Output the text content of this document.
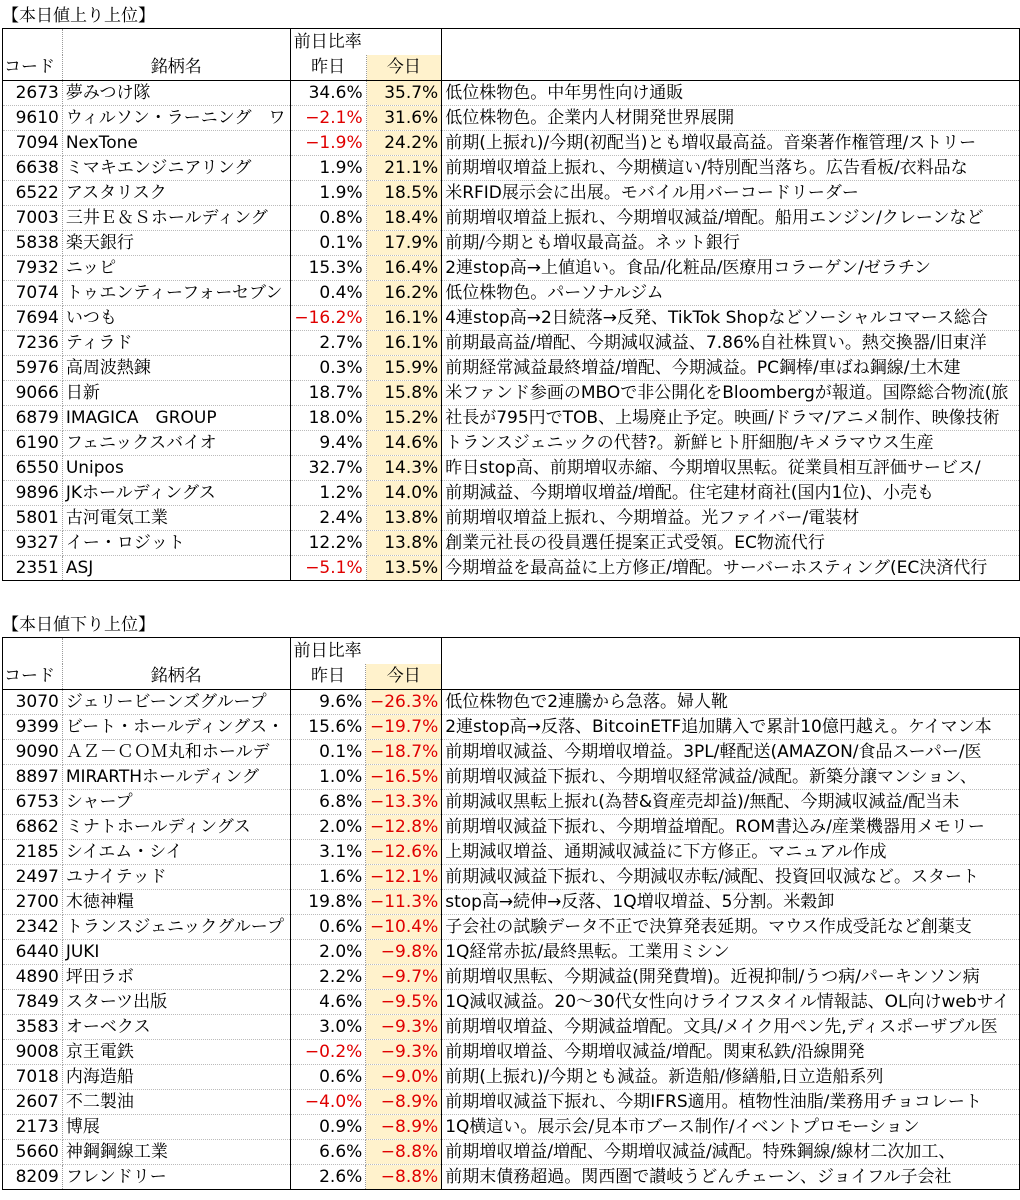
【本日値上り上位】
		前日比率		
コード	銘柄名	昨日	今日	
2673	夢みつけ隊	34.6%	35.7%	低位株物色。中年男性向け通販
9610	ウィルソン・ラーニング　ワ	−2.1%	31.6%	低位株物色。企業内人材開発世界展開
7094	NexTone	−1.9%	24.2%	前期(上振れ)/今期(初配当)とも増収最高益。音楽著作権管理/ストリー
6638	ミマキエンジニアリング	1.9%	21.1%	前期増収増益上振れ、今期横這い/特別配当落ち。広告看板/衣料品な
6522	アスタリスク	1.9%	18.5%	米RFID展示会に出展。モバイル用バーコードリーダー
7003	三井Ｅ＆Ｓホールディング	0.8%	18.4%	前期増収増益上振れ、今期増収減益/増配。船用エンジン/クレーンなど
5838	楽天銀行	0.1%	17.9%	前期/今期とも増収最高益。ネット銀行
7932	ニッピ	15.3%	16.4%	2連stop高→上値追い。食品/化粧品/医療用コラーゲン/ゼラチン
7074	トゥエンティーフォーセブン	0.4%	16.2%	低位株物色。パーソナルジム
7694	いつも	−16.2%	16.1%	4連stop高→2日続落→反発、TikTok Shopなどソーシャルコマース総合
7236	ティラド	2.7%	16.1%	前期最高益/増配、今期減収減益、7.86%自社株買い。熱交換器/旧東洋
5976	高周波熱錬	0.3%	15.9%	前期経常減益最終増益/増配、今期減益。PC鋼棒/車ばね鋼線/土木建
9066	日新	18.7%	15.8%	米ファンド参画のMBOで非公開化をBloombergが報道。国際総合物流(旅
6879	IMAGICA　GROUP	18.0%	15.2%	社長が795円でTOB、上場廃止予定。映画/ドラマ/アニメ制作、映像技術
6190	フェニックスバイオ	9.4%	14.6%	トランスジェニックの代替?。新鮮ヒト肝細胞/キメラマウス生産
6550	Unipos	32.7%	14.3%	昨日stop高、前期増収赤縮、今期増収黒転。従業員相互評価サービス/
9896	JKホールディングス	1.2%	14.0%	前期減益、今期増収増益/増配。住宅建材商社(国内1位)、小売も
5801	古河電気工業	2.4%	13.8%	前期増収増益上振れ、今期増益。光ファイバー/電装材
9327	イー・ロジット	12.2%	13.8%	創業元社長の役員選任提案正式受領。EC物流代行
2351	ASJ	−5.1%	13.5%	今期増益を最高益に上方修正/増配。サーバーホスティング(EC決済代行
【本日値下り上位】
		前日比率		
コード	銘柄名	昨日	今日	
3070	ジェリービーンズグループ	9.6%	−26.3%	低位株物色で2連騰から急落。婦人靴
9399	ビート・ホールディングス・	15.6%	−19.7%	2連stop高→反落、BitcoinETF追加購入で累計10億円越え。ケイマン本
9090	ＡＺ－ＣＯＭ丸和ホールデ	0.1%	−18.7%	前期増収減益、今期増収増益。3PL/軽配送(AMAZON/食品スーパー/医
8897	MIRARTHホールディング	1.0%	−16.5%	前期増収減益下振れ、今期増収経常減益/減配。新築分譲マンション、
6753	シャープ	6.8%	−13.3%	前期減収黒転上振れ(為替&資産売却益)/無配、今期減収減益/配当未
6862	ミナトホールディングス	2.0%	−12.8%	前期増収減益下振れ、今期増益増配。ROM書込み/産業機器用メモリー
2185	シイエム・シイ	3.1%	−12.6%	上期減収増益、通期減収減益に下方修正。マニュアル作成
2497	ユナイテッド	1.6%	−12.1%	前期減収減益下振れ、今期減収赤転/減配、投資回収減など。スタート
2700	木徳神糧	19.8%	−11.3%	stop高→続伸→反落、1Q増収増益、5分割。米穀卸
2342	トランスジェニックグループ	0.6%	−10.4%	子会社の試験データ不正で決算発表延期。マウス作成受託など創薬支
6440	JUKI	2.0%	−9.8%	1Q経常赤拡/最終黒転。工業用ミシン
4890	坪田ラボ	2.2%	−9.7%	前期増収黒転、今期減益(開発費増)。近視抑制/うつ病/パーキンソン病
7849	スターツ出版	4.6%	−9.5%	1Q減収減益。20～30代女性向けライフスタイル情報誌、OL向けwebサイ
3583	オーベクス	3.0%	−9.3%	前期増収増益、今期減益増配。文具/メイク用ペン先,ディスポーザブル医
9008	京王電鉄	−0.2%	−9.3%	前期増収増益、今期増収減益/増配。関東私鉄/沿線開発
7018	内海造船	0.6%	−9.0%	前期(上振れ)/今期とも減益。新造船/修繕船,日立造船系列
2607	不二製油	−4.0%	−8.9%	前期増収減益下振れ、今期IFRS適用。植物性油脂/業務用チョコレート
2173	博展	0.9%	−8.9%	1Q横這い。展示会/見本市ブース制作/イベントプロモーション
5660	神鋼鋼線工業	6.6%	−8.8%	前期増収増益/増配、今期増収減益/減配。特殊鋼線/線材二次加工、
8209	フレンドリー	2.6%	−8.8%	前期末債務超過。関西圏で讃岐うどんチェーン、ジョイフル子会社
